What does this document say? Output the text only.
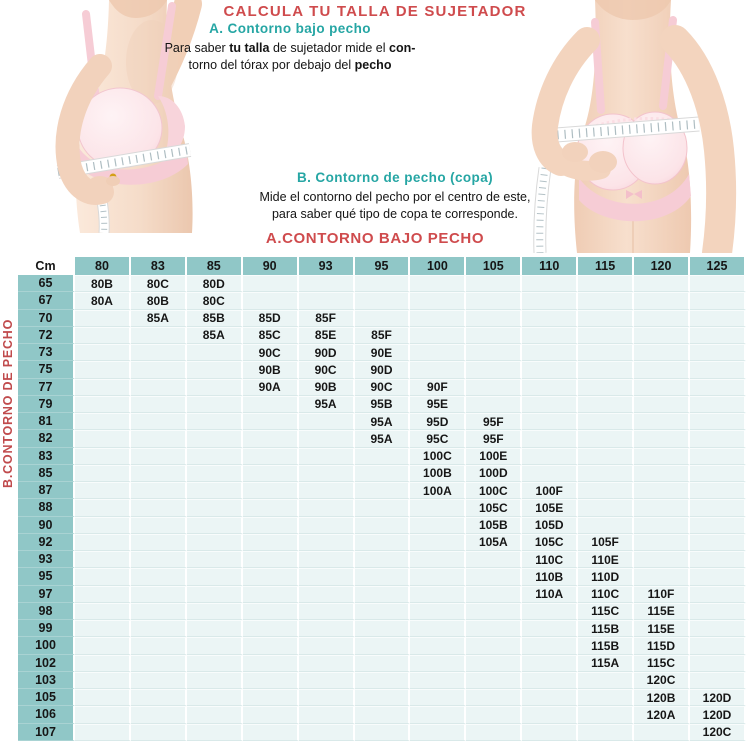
CALCULA TU TALLA DE SUJETADOR
A. Contorno bajo pecho
Para saber tu talla de sujetador mide el con-
torno del tórax por debajo del pecho
B. Contorno de pecho (copa)
Mide el contorno del pecho por el centro de este,
para saber qué tipo de copa te corresponde.
A.CONTORNO BAJO PECHO
B.CONTORNO DE PECHO
Cm	80	83	85	90	93	95	100	105	110	115	120	125
65	80B	80C	80D									
67	80A	80B	80C									
70		85A	85B	85D	85F							
72			85A	85C	85E	85F						
73				90C	90D	90E						
75				90B	90C	90D						
77				90A	90B	90C	90F					
79					95A	95B	95E					
81						95A	95D	95F				
82						95A	95C	95F				
83							100C	100E				
85							100B	100D				
87							100A	100C	100F			
88								105C	105E			
90								105B	105D			
92								105A	105C	105F		
93									110C	110E		
95									110B	110D		
97									110A	110C	110F	
98										115C	115E	
99										115B	115E	
100										115B	115D	
102										115A	115C	
103											120C	
105											120B	120D
106											120A	120D
107												120C
